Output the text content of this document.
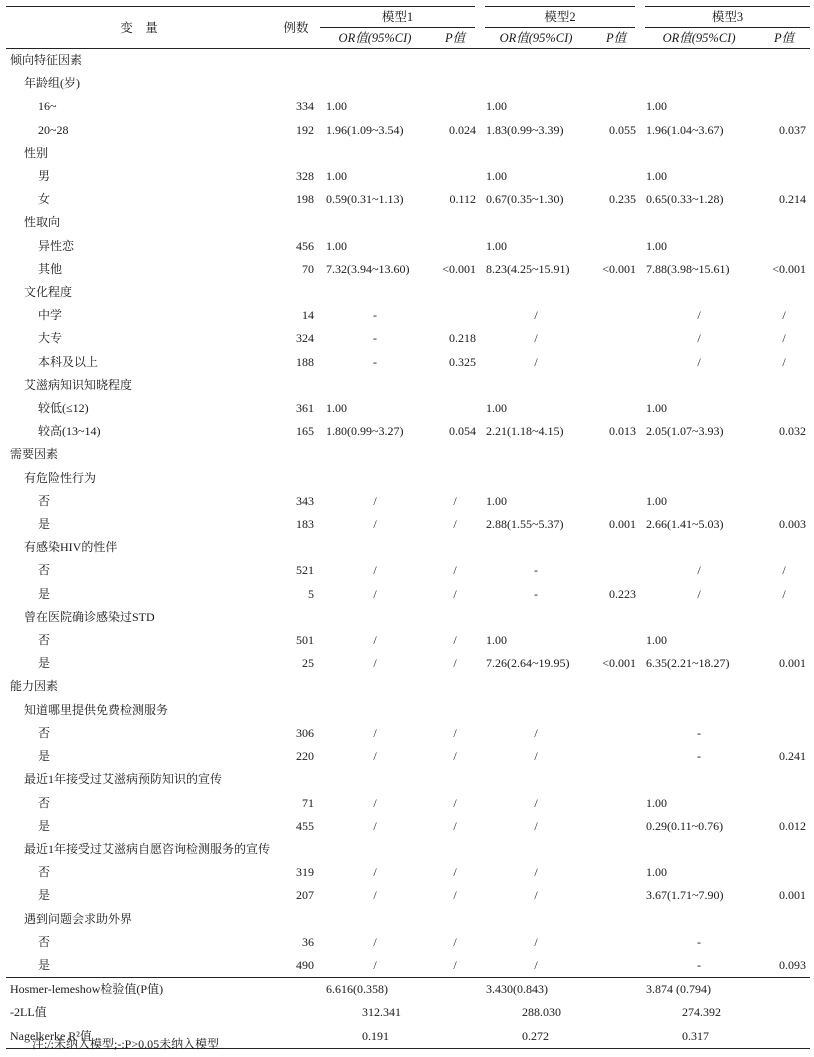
变　量	例数	模型1		模型2		模型3	
		OR值(95%CI)	P值	OR值(95%CI)	P值	OR值(95%CI)	P值
倾向特征因素							
年龄组(岁)							
16~	334	1.00		1.00		1.00	
20~28	192	1.96(1.09~3.54)	0.024	1.83(0.99~3.39)	0.055	1.96(1.04~3.67)	0.037
性别							
男	328	1.00		1.00		1.00	
女	198	0.59(0.31~1.13)	0.112	0.67(0.35~1.30)	0.235	0.65(0.33~1.28)	0.214
性取向							
异性恋	456	1.00		1.00		1.00	
其他	70	7.32(3.94~13.60)	<0.001	8.23(4.25~15.91)	<0.001	7.88(3.98~15.61)	<0.001
文化程度							
中学	14	-		/		/	/
大专	324	-	0.218	/		/	/
本科及以上	188	-	0.325	/		/	/
艾滋病知识知晓程度							
较低(≤12)	361	1.00		1.00		1.00	
较高(13~14)	165	1.80(0.99~3.27)	0.054	2.21(1.18~4.15)	0.013	2.05(1.07~3.93)	0.032
需要因素							
有危险性行为							
否	343	/	/	1.00		1.00	
是	183	/	/	2.88(1.55~5.37)	0.001	2.66(1.41~5.03)	0.003
有感染HIV的性伴							
否	521	/	/	-		/	/
是	5	/	/	-	0.223	/	/
曾在医院确诊感染过STD							
否	501	/	/	1.00		1.00	
是	25	/	/	7.26(2.64~19.95)	<0.001	6.35(2.21~18.27)	0.001
能力因素							
知道哪里提供免费检测服务							
否	306	/	/	/		-	
是	220	/	/	/		-	0.241
最近1年接受过艾滋病预防知识的宣传							
否	71	/	/	/		1.00	
是	455	/	/	/		0.29(0.11~0.76)	0.012
最近1年接受过艾滋病自愿咨询检测服务的宣传							
否	319	/	/	/		1.00	
是	207	/	/	/		3.67(1.71~7.90)	0.001
遇到问题会求助外界							
否	36	/	/	/		-	
是	490	/	/	/		-	0.093
Hosmer-lemeshow检验值(P值)		6.616(0.358)		3.430(0.843)		3.874 (0.794)	
-2LL值		312.341		288.030		274.392	
Nagelkerke R²值		0.191		0.272		0.317	
注:/:未纳入模型;-:P>0.05未纳入模型
